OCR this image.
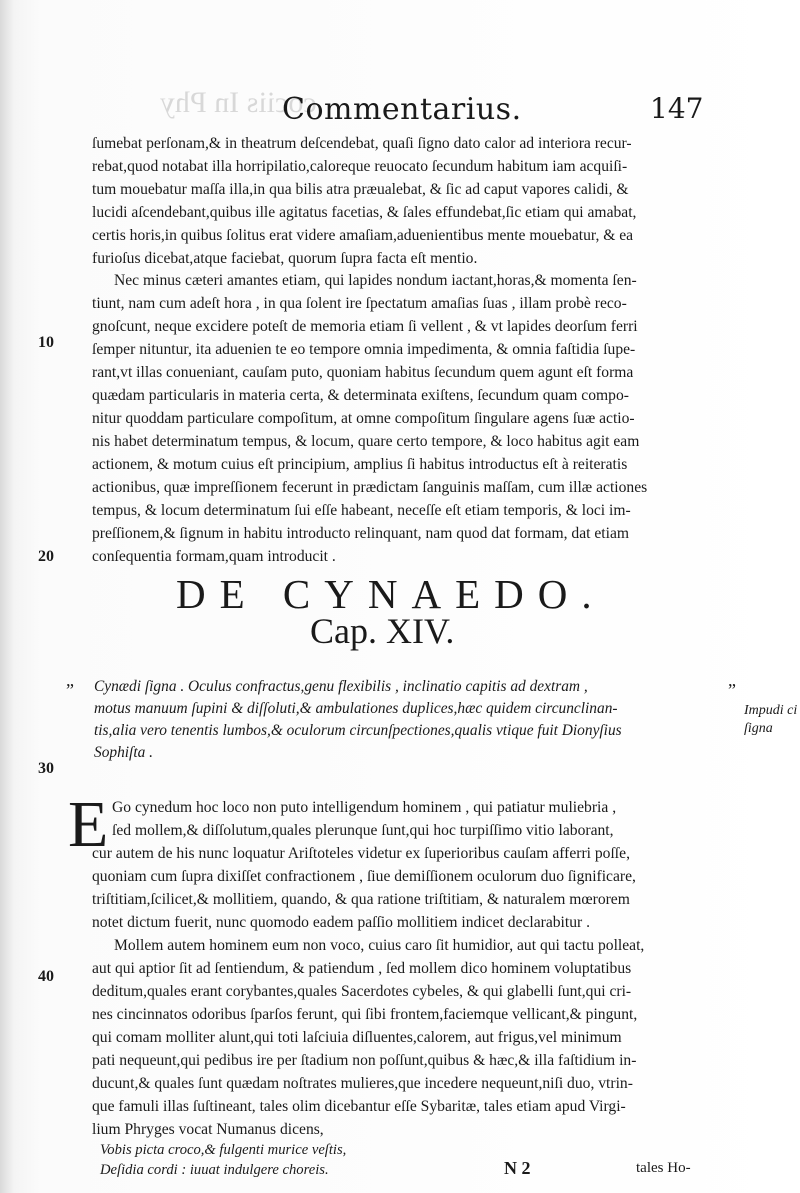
cociis In Phy
Commentarius.	147
ſumebat perſonam,& in theatrum deſcendebat, quaſi ſigno dato calor ad interiora recur-
rebat,quod notabat illa horripilatio,caloreque reuocato ſecundum habitum iam acquiſi-
tum mouebatur maſſa illa,in qua bilis atra præualebat, & ſic ad caput vapores calidi, &
lucidi aſcendebant,quibus ille agitatus facetias, & ſales effundebat,ſic etiam qui amabat,
certis horis,in quibus ſolitus erat videre amaſiam,aduenientibus mente mouebatur, & ea
furioſus dicebat,atque faciebat, quorum ſupra facta eſt mentio.
Nec minus cæteri amantes etiam, qui lapides nondum iactant,horas,& momenta ſen-
tiunt, nam cum adeſt hora , in qua ſolent ire ſpectatum amaſias ſuas , illam probè reco-
gnoſcunt, neque excidere poteſt de memoria etiam ſi vellent , & vt lapides deorſum ferri
ſemper nituntur, ita aduenien te eo tempore omnia impedimenta, & omnia faſtidia ſupe-
rant,vt illas conueniant, cauſam puto, quoniam habitus ſecundum quem agunt eſt forma
quædam particularis in materia certa, & determinata exiſtens, ſecundum quam compo-
nitur quoddam particulare compoſitum, at omne compoſitum ſingulare agens ſuæ actio-
nis habet determinatum tempus, & locum, quare certo tempore, & loco habitus agit eam
actionem, & motum cuius eſt principium, amplius ſi habitus introductus eſt à reiteratis
actionibus, quæ impreſſionem fecerunt in prædictam ſanguinis maſſam, cum illæ actiones
tempus, & locum determinatum ſui eſſe habeant, neceſſe eſt etiam temporis, & loci im-
preſſionem,& ſignum in habitu introducto relinquant, nam quod dat formam, dat etiam
conſequentia formam,quam introducit .
10
20
30
40
DE CYNAEDO.
Cap. XIV.
„	„
Cynædi ſigna . Oculus confractus,genu flexibilis , inclinatio capitis ad dextram ,
motus manuum ſupini & diſſoluti,& ambulationes duplices,hæc quidem circunclinan-
tis,alia vero tenentis lumbos,& oculorum circunſpectiones,qualis vtique fuit Dionyſius
Sophiſta .
Impudi ci ſigna
E Go cynedum hoc loco non puto intelligendum hominem , qui patiatur muliebria ,
ſed mollem,& diſſolutum,quales plerunque ſunt,qui hoc turpiſſimo vitio laborant,
cur autem de his nunc loquatur Ariſtoteles videtur ex ſuperioribus cauſam afferri poſſe,
quoniam cum ſupra dixiſſet confractionem , ſiue demiſſionem oculorum duo ſignificare,
triſtitiam,ſcilicet,& mollitiem, quando, & qua ratione triſtitiam, & naturalem mœrorem
notet dictum fuerit, nunc quomodo eadem paſſio mollitiem indicet declarabitur .
Mollem autem hominem eum non voco, cuius caro ſit humidior, aut qui tactu polleat,
aut qui aptior ſit ad ſentiendum, & patiendum , ſed mollem dico hominem voluptatibus
deditum,quales erant corybantes,quales Sacerdotes cybeles, & qui glabelli ſunt,qui cri-
nes cincinnatos odoribus ſparſos ferunt, qui ſibi frontem,faciemque vellicant,& pingunt,
qui comam molliter alunt,qui toti laſciuia diſluentes,calorem, aut frigus,vel minimum
pati nequeunt,qui pedibus ire per ſtadium non poſſunt,quibus & hæc,& illa faſtidium in-
ducunt,& quales ſunt quædam noſtrates mulieres,que incedere nequeunt,niſi duo, vtrin-
que famuli illas ſuſtineant, tales olim dicebantur eſſe Sybaritæ, tales etiam apud Virgi-
lium Phryges vocat Numanus dicens,
Vobis picta croco,& fulgenti murice veſtis,
Deſidia cordi : iuuat indulgere choreis.	N 2	tales Ho-
